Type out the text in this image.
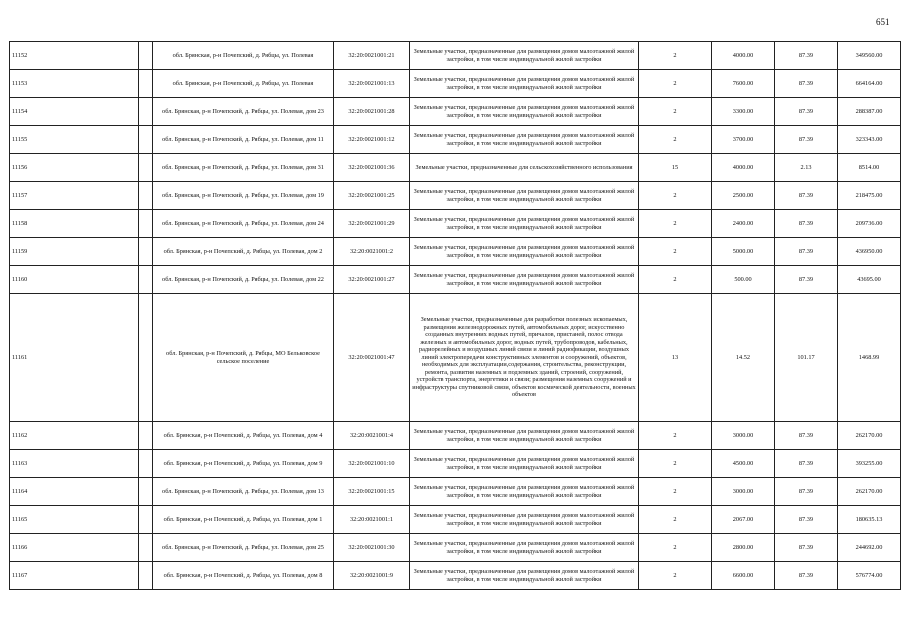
651
11152		обл. Брянская, р-н Почепский, д. Рябцы, ул. Полевая	32:20:0021001:21	Земельные участки, предназначенные для размещения домов малоэтажной жилой застройки, в том числе индивидуальной жилой застройки	2	4000.00	87.39	349560.00
11153		обл. Брянская, р-н Почепский, д. Рябцы, ул. Полевая	32:20:0021001:13	Земельные участки, предназначенные для размещения домов малоэтажной жилой застройки, в том числе индивидуальной жилой застройки	2	7600.00	87.39	664164.00
11154		обл. Брянская, р-н Почепский, д. Рябцы, ул. Полевая, дом 23	32:20:0021001:28	Земельные участки, предназначенные для размещения домов малоэтажной жилой застройки, в том числе индивидуальной жилой застройки	2	3300.00	87.39	288387.00
11155		обл. Брянская, р-н Почепский, д. Рябцы, ул. Полевая, дом 11	32:20:0021001:12	Земельные участки, предназначенные для размещения домов малоэтажной жилой застройки, в том числе индивидуальной жилой застройки	2	3700.00	87.39	323343.00
11156		обл. Брянская, р-н Почепский, д. Рябцы, ул. Полевая, дом 31	32:20:0021001:36	Земельные участки, предназначенные для сельскохозяйственного использования	15	4000.00	2.13	8514.00
11157		обл. Брянская, р-н Почепский, д. Рябцы, ул. Полевая, дом 19	32:20:0021001:25	Земельные участки, предназначенные для размещения домов малоэтажной жилой застройки, в том числе индивидуальной жилой застройки	2	2500.00	87.39	218475.00
11158		обл. Брянская, р-н Почепский, д. Рябцы, ул. Полевая, дом 24	32:20:0021001:29	Земельные участки, предназначенные для размещения домов малоэтажной жилой застройки, в том числе индивидуальной жилой застройки	2	2400.00	87.39	209736.00
11159		обл. Брянская, р-н Почепский, д. Рябцы, ул. Полевая, дом 2	32:20:0021001:2	Земельные участки, предназначенные для размещения домов малоэтажной жилой застройки, в том числе индивидуальной жилой застройки	2	5000.00	87.39	436950.00
11160		обл. Брянская, р-н Почепский, д. Рябцы, ул. Полевая, дом 22	32:20:0021001:27	Земельные участки, предназначенные для размещения домов малоэтажной жилой застройки, в том числе индивидуальной жилой застройки	2	500.00	87.39	43695.00
11161		обл. Брянская, р-н Почепский, д. Рябцы, МО Бельковское сельское поселение	32:20:0021001:47	Земельные участки, предназначенные для разработки полезных ископаемых, размещения железнодорожных путей, автомобильных дорог, искусственно созданных внутренних водных путей, причалов, пристаней, полос отвода железных и автомобильных дорог, водных путей, трубопроводов, кабельных, радиорелейных и воздушных линий связи и линий радиофикации, воздушных линий электропередачи конструктивных элементов и сооружений, объектов, необходимых для эксплуатации,содержания, строительства, реконструкции, ремонта, развития наземных и подземных зданий, строений, сооружений, устройств транспорта, энергетики и связи; размещения наземных сооружений и инфраструктуры спутниковой связи, объектов космической деятельности, военных объектов	13	14.52	101.17	1468.99
11162		обл. Брянская, р-н Почепский, д. Рябцы, ул. Полевая, дом 4	32:20:0021001:4	Земельные участки, предназначенные для размещения домов малоэтажной жилой застройки, в том числе индивидуальной жилой застройки	2	3000.00	87.39	262170.00
11163		обл. Брянская, р-н Почепский, д. Рябцы, ул. Полевая, дом 9	32:20:0021001:10	Земельные участки, предназначенные для размещения домов малоэтажной жилой застройки, в том числе индивидуальной жилой застройки	2	4500.00	87.39	393255.00
11164		обл. Брянская, р-н Почепский, д. Рябцы, ул. Полевая, дом 13	32:20:0021001:15	Земельные участки, предназначенные для размещения домов малоэтажной жилой застройки, в том числе индивидуальной жилой застройки	2	3000.00	87.39	262170.00
11165		обл. Брянская, р-н Почепский, д. Рябцы, ул. Полевая, дом 1	32:20:0021001:1	Земельные участки, предназначенные для размещения домов малоэтажной жилой застройки, в том числе индивидуальной жилой застройки	2	2067.00	87.39	180635.13
11166		обл. Брянская, р-н Почепский, д. Рябцы, ул. Полевая, дом 25	32:20:0021001:30	Земельные участки, предназначенные для размещения домов малоэтажной жилой застройки, в том числе индивидуальной жилой застройки	2	2800.00	87.39	244692.00
11167		обл. Брянская, р-н Почепский, д. Рябцы, ул. Полевая, дом 8	32:20:0021001:9	Земельные участки, предназначенные для размещения домов малоэтажной жилой застройки, в том числе индивидуальной жилой застройки	2	6600.00	87.39	576774.00
